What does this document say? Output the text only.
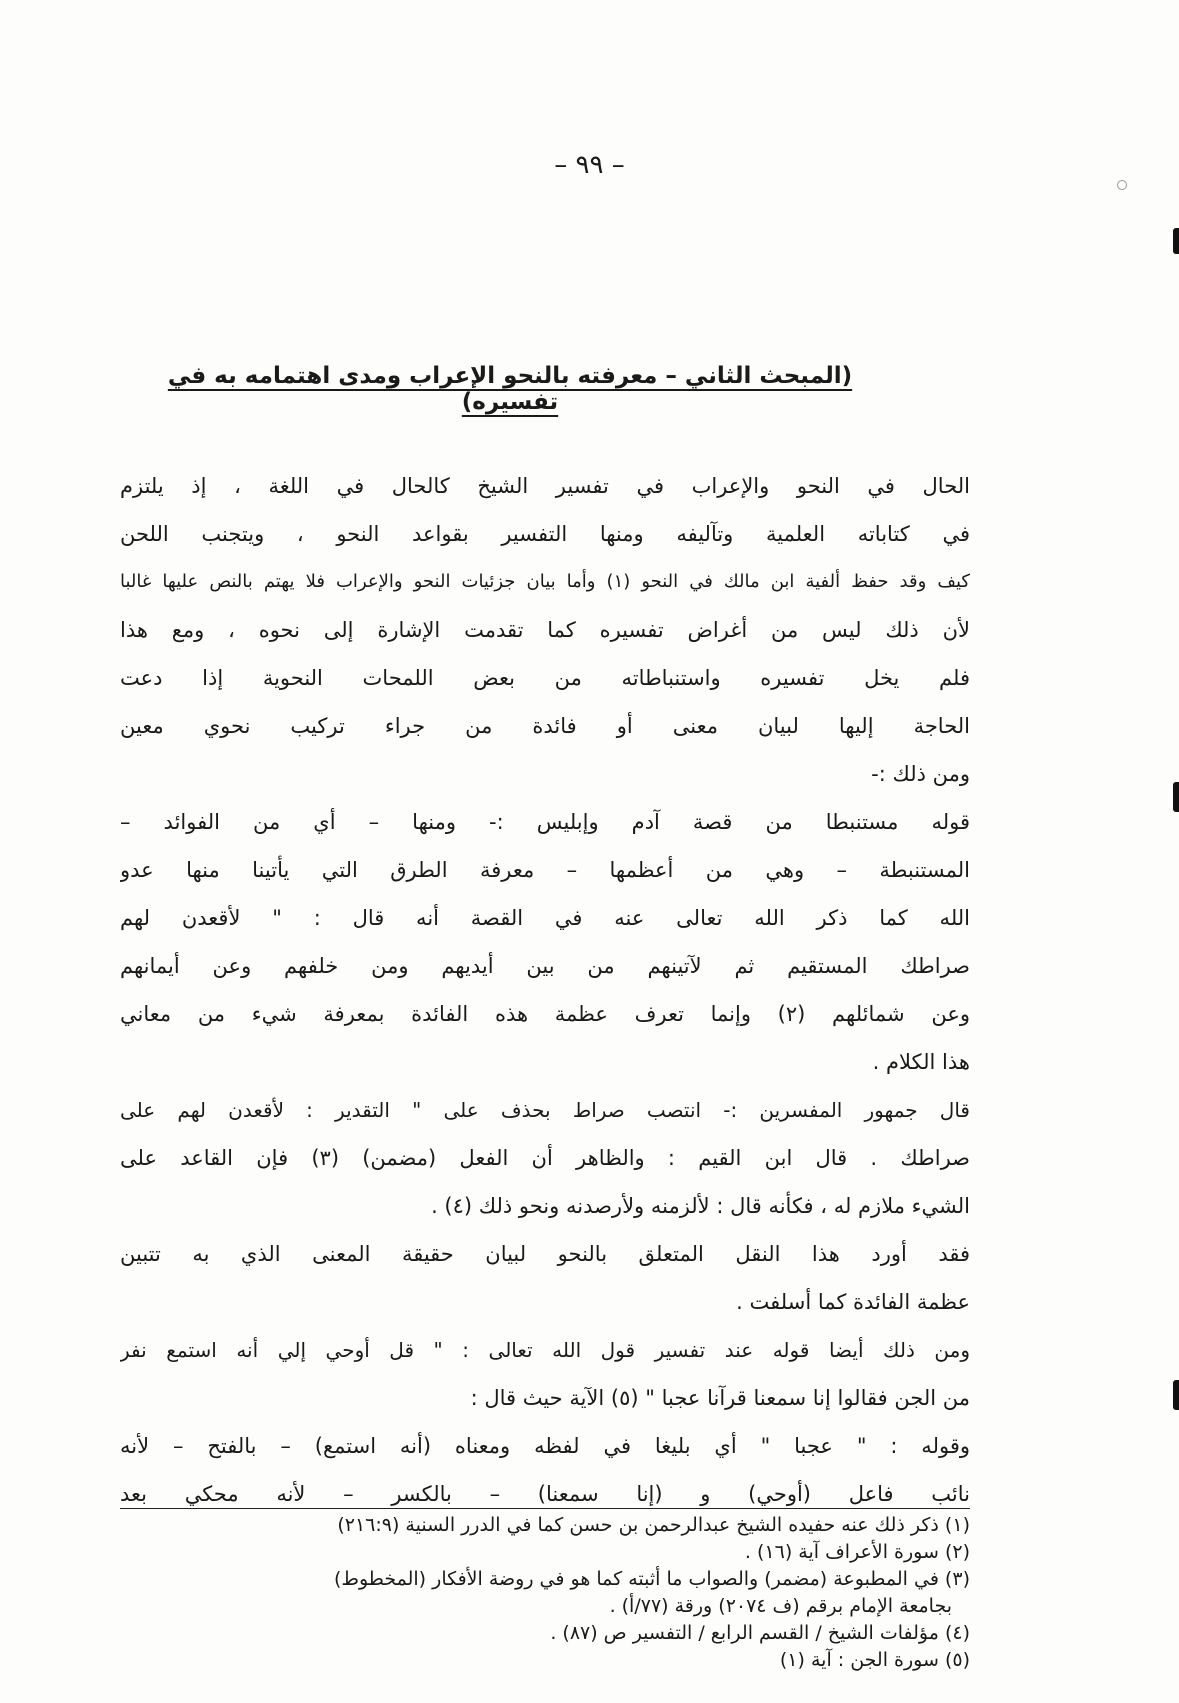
– ٩٩ –
(المبحث الثاني – معرفته بالنحو الإعراب ومدى اهتمامه به في تفسيره)
الحال في النحو والإعراب في تفسير الشيخ كالحال في اللغة ، إذ يلتزم
في كتاباته العلمية وتآليفه ومنها التفسير بقواعد النحو ، ويتجنب اللحن
كيف وقد حفظ ألفية ابن مالك في النحو (١) وأما بيان جزئيات النحو والإعراب فلا يهتم بالنص عليها غالبا
لأن ذلك ليس من أغراض تفسيره كما تقدمت الإشارة إلى نحوه ، ومع هذا
فلم يخل تفسيره واستنباطاته من بعض اللمحات النحوية إذا دعت
الحاجة إليها لبيان معنى أو فائدة من جراء تركيب نحوي معين
ومن ذلك :-
قوله مستنبطا من قصة آدم وإبليس :- ومنها – أي من الفوائد –
المستنبطة – وهي من أعظمها – معرفة الطرق التي يأتينا منها عدو
الله كما ذكر الله تعالى عنه في القصة أنه قال : " لأقعدن لهم
صراطك المستقيم ثم لآتينهم من بين أيديهم ومن خلفهم وعن أيمانهم
وعن شمائلهم (٢) وإنما تعرف عظمة هذه الفائدة بمعرفة شيء من معاني
هذا الكلام .
قال جمهور المفسرين :- انتصب صراط بحذف على " التقدير : لأقعدن لهم على
صراطك . قال ابن القيم : والظاهر أن الفعل (مضمن) (٣) فإن القاعد على
الشيء ملازم له ، فكأنه قال : لألزمنه ولأرصدنه ونحو ذلك (٤) .
فقد أورد هذا النقل المتعلق بالنحو لبيان حقيقة المعنى الذي به تتبين
عظمة الفائدة كما أسلفت .
ومن ذلك أيضا قوله عند تفسير قول الله تعالى : " قل أوحي إلي أنه استمع نفر
من الجن فقالوا إنا سمعنا قرآنا عجبا " (٥) الآية حيث قال :
وقوله : " عجبا " أي بليغا في لفظه ومعناه (أنه استمع) – بالفتح – لأنه
نائب فاعل (أوحي) و (إنا سمعنا) – بالكسر – لأنه محكي بعد
(١) ذكر ذلك عنه حفيده الشيخ عبدالرحمن بن حسن كما في الدرر السنية (٢١٦:٩)
(٢) سورة الأعراف آية (١٦) .
(٣) في المطبوعة (مضمر) والصواب ما أثبته كما هو في روضة الأفكار (المخطوط)
بجامعة الإمام برقم (ف ٢٠٧٤) ورقة (٧٧/أ) .
(٤) مؤلفات الشيخ / القسم الرابع / التفسير ص (٨٧) .
(٥) سورة الجن : آية (١)
